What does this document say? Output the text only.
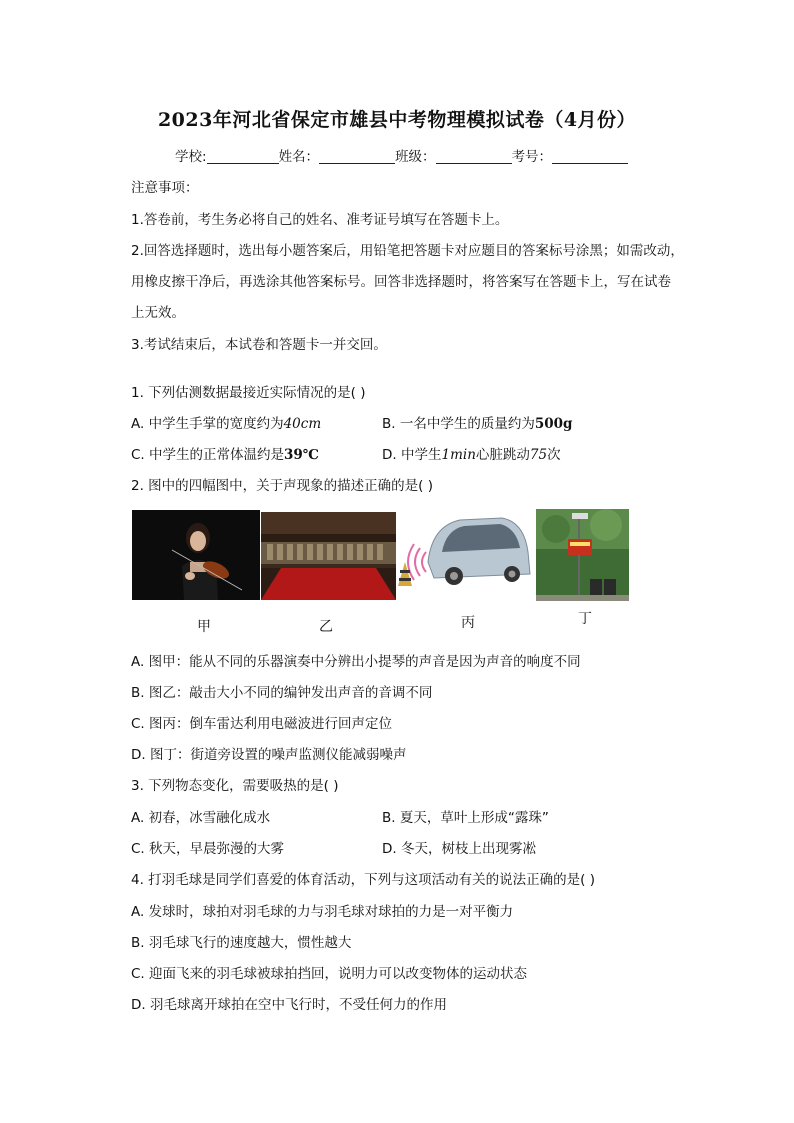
2023年河北省保定市雄县中考物理模拟试卷（4月份）
学校:	姓名：	班级：	考号：
注意事项：
1.答卷前，考生务必将自己的姓名、准考证号填写在答题卡上。
2.回答选择题时，选出每小题答案后，用铅笔把答题卡对应题目的答案标号涂黑；如需改动，
用橡皮擦干净后，再选涂其他答案标号。回答非选择题时，将答案写在答题卡上，写在试卷
上无效。
3.考试结束后，本试卷和答题卡一并交回。
1. 下列估测数据最接近实际情况的是( )
A. 中学生手掌的宽度约为40cm	B. 一名中学生的质量约为500g
C. 中学生的正常体温约是39℃	D. 中学生1min心脏跳动75次
2. 图中的四幅图中，关于声现象的描述正确的是( )
甲	乙	丙	丁
A. 图甲：能从不同的乐器演奏中分辨出小提琴的声音是因为声音的响度不同
B. 图乙：敲击大小不同的编钟发出声音的音调不同
C. 图丙：倒车雷达利用电磁波进行回声定位
D. 图丁：街道旁设置的噪声监测仪能减弱噪声
3. 下列物态变化，需要吸热的是( )
A. 初春，冰雪融化成水	B. 夏天，草叶上形成“露珠”
C. 秋天，早晨弥漫的大雾	D. 冬天，树枝上出现雾凇
4. 打羽毛球是同学们喜爱的体育活动，下列与这项活动有关的说法正确的是( )
A. 发球时，球拍对羽毛球的力与羽毛球对球拍的力是一对平衡力
B. 羽毛球飞行的速度越大，惯性越大
C. 迎面飞来的羽毛球被球拍挡回，说明力可以改变物体的运动状态
D. 羽毛球离开球拍在空中飞行时，不受任何力的作用
